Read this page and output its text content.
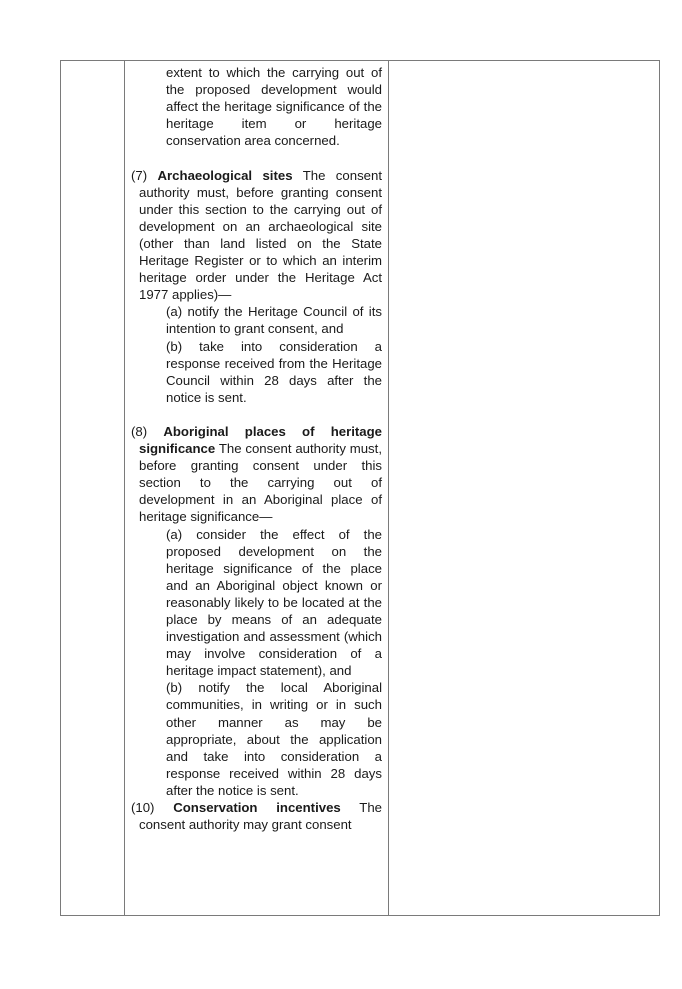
extent to which the carrying out of the proposed development would affect the heritage significance of the heritage item or heritage conservation area concerned.

(7) Archaeological sites The consent authority must, before granting consent under this section to the carrying out of development on an archaeological site (other than land listed on the State Heritage Register or to which an interim heritage order under the Heritage Act 1977 applies)—

(a) notify the Heritage Council of its intention to grant consent, and

(b) take into consideration a response received from the Heritage Council within 28 days after the notice is sent.

(8) Aboriginal places of heritage significance The consent authority must, before granting consent under this section to the carrying out of development in an Aboriginal place of heritage significance—

(a) consider the effect of the proposed development on the heritage significance of the place and an Aboriginal object known or reasonably likely to be located at the place by means of an adequate investigation and assessment (which may involve consideration of a heritage impact statement), and

(b) notify the local Aboriginal communities, in writing or in such other manner as may be appropriate, about the application and take into consideration a response received within 28 days after the notice is sent.

(10) Conservation incentives The consent authority may grant consent
